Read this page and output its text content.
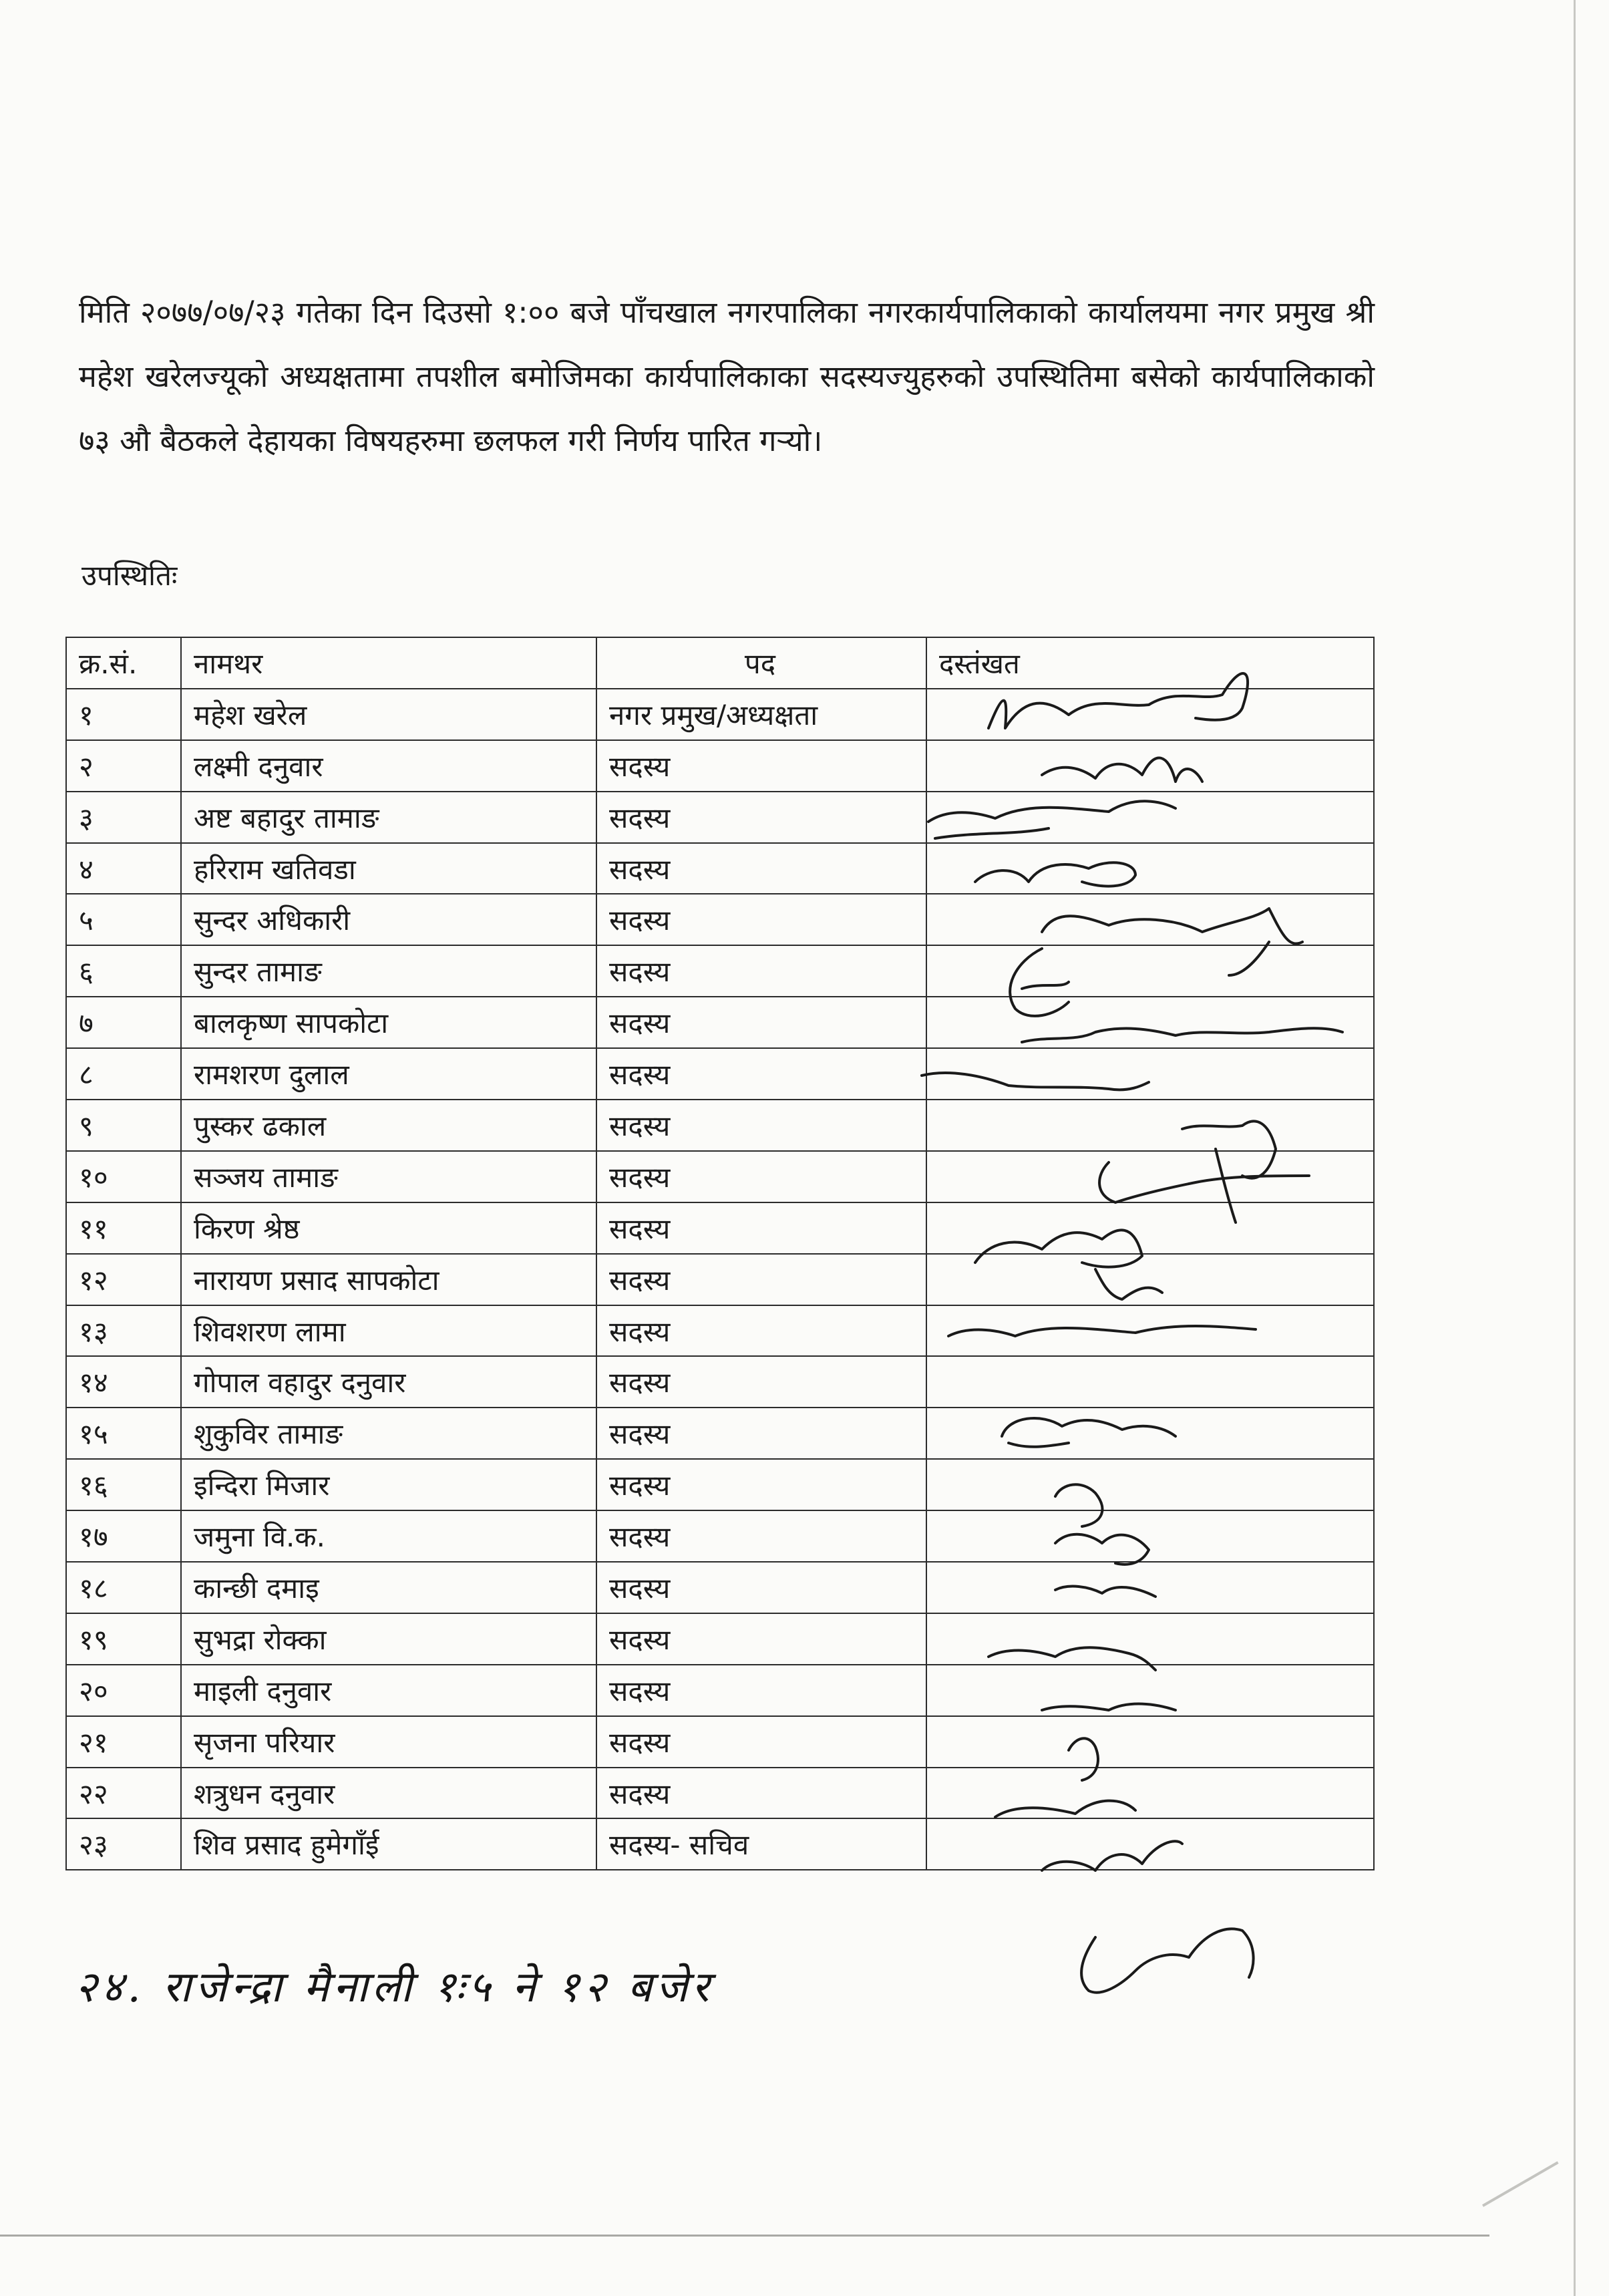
मिति २०७७/०७/२३ गतेका दिन दिउसो १:०० बजे पाँचखाल नगरपालिका नगरकार्यपालिकाको कार्यालयमा नगर प्रमुख श्री महेश खरेलज्यूको अध्यक्षतामा तपशील बमोजिमका कार्यपालिकाका सदस्यज्युहरुको उपस्थितिमा बसेको कार्यपालिकाको ७३ औ बैठकले देहायका विषयहरुमा छलफल गरी निर्णय पारित गर्‍यो।

उपस्थितिः
क्र.सं.	नामथर	पद	दस्तंखत
१	महेश खरेल	नगर प्रमुख/अध्यक्षता	
२	लक्ष्मी दनुवार	सदस्य	
३	अष्ट बहादुर तामाङ	सदस्य	
४	हरिराम खतिवडा	सदस्य	
५	सुन्दर अधिकारी	सदस्य	
६	सुन्दर तामाङ	सदस्य	
७	बालकृष्ण सापकोटा	सदस्य	
८	रामशरण दुलाल	सदस्य	
९	पुस्कर ढकाल	सदस्य	
१०	सञ्जय तामाङ	सदस्य	
११	किरण श्रेष्ठ	सदस्य	
१२	नारायण प्रसाद सापकोटा	सदस्य	
१३	शिवशरण लामा	सदस्य	
१४	गोपाल वहादुर दनुवार	सदस्य	
१५	शुकुविर तामाङ	सदस्य	
१६	इन्दिरा मिजार	सदस्य	
१७	जमुना वि.क.	सदस्य	
१८	कान्छी दमाइ	सदस्य	
१९	सुभद्रा रोक्का	सदस्य	
२०	माइली दनुवार	सदस्य	
२१	सृजना परियार	सदस्य	
२२	शत्रुधन दनुवार	सदस्य	
२३	शिव प्रसाद हुमेगाँई	सदस्य- सचिव	
२४. राजेन्द्रा मैनाली १ः५ ने १२ बजेर
